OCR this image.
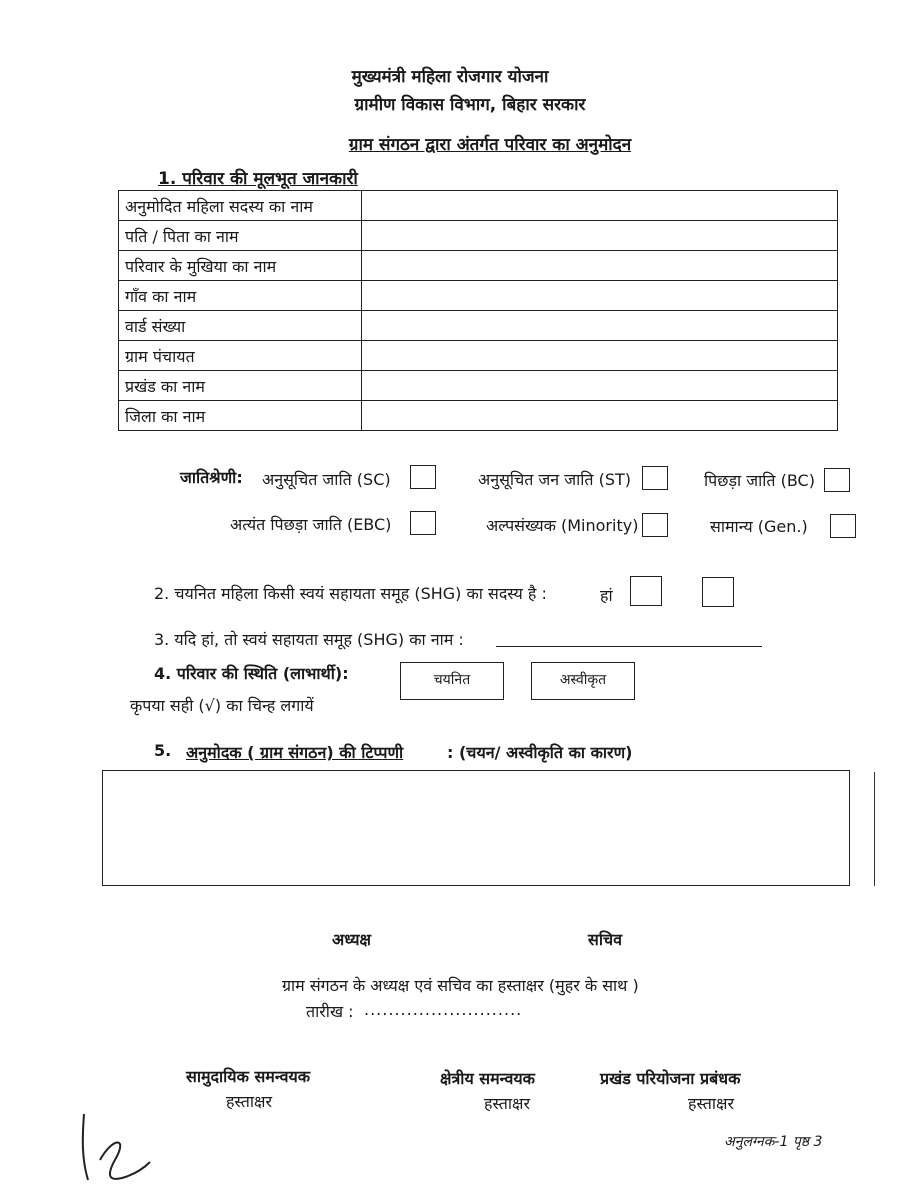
मुख्यमंत्री महिला रोजगार योजना
ग्रामीण विकास विभाग, बिहार सरकार
ग्राम संगठन द्वारा अंतर्गत परिवार का अनुमोदन
1. परिवार की मूलभूत जानकारी
अनुमोदित महिला सदस्य का नाम	
पति / पिता का नाम	
परिवार के मुखिया का नाम	
गाँव का नाम	
वार्ड संख्या	
ग्राम पंचायत	
प्रखंड का नाम	
जिला का नाम	
जातिश्रेणी: अनुसूचित जाति (SC)	अनुसूचित जन जाति (ST)	पिछड़ा जाति (BC)
अत्यंत पिछड़ा जाति (EBC)	अल्पसंख्यक (Minority)	सामान्य (Gen.)
2. चयनित महिला किसी स्वयं सहायता समूह (SHG) का सदस्य है :	हां
3. यदि हां, तो स्वयं सहायता समूह (SHG) का नाम :
4. परिवार की स्थिति (लाभार्थी):	चयनित	अस्वीकृत
कृपया सही (√) का चिन्ह लगायें
5. अनुमोदक ( ग्राम संगठन) की टिप्पणी	: (चयन/ अस्वीकृति का कारण)
अध्यक्ष	सचिव
ग्राम संगठन के अध्यक्ष एवं सचिव का हस्ताक्षर (मुहर के साथ )
तारीख : ..........................
सामुदायिक समन्वयक
हस्ताक्षर
क्षेत्रीय समन्वयक
हस्ताक्षर
प्रखंड परियोजना प्रबंधक
हस्ताक्षर
अनुलग्नक-1 पृष्ठ 3
